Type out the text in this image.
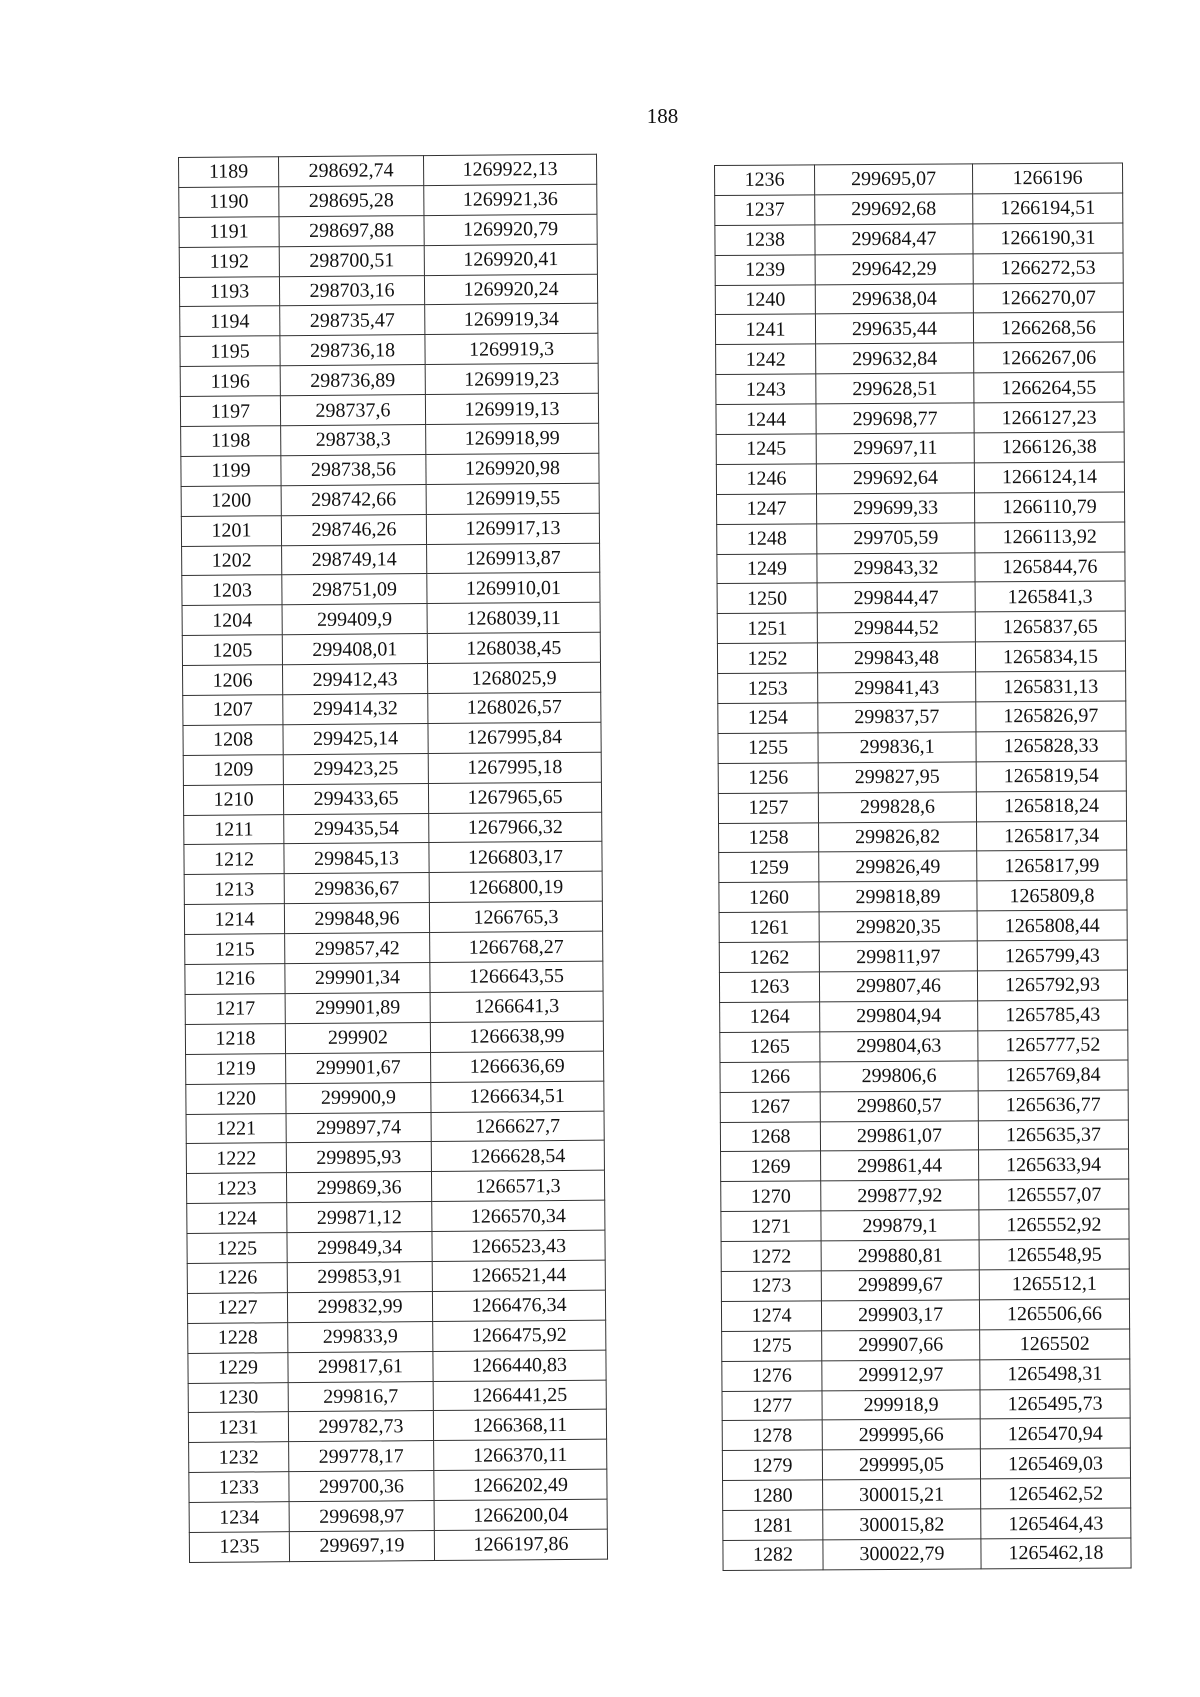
188
1189	298692,74	1269922,13
1190	298695,28	1269921,36
1191	298697,88	1269920,79
1192	298700,51	1269920,41
1193	298703,16	1269920,24
1194	298735,47	1269919,34
1195	298736,18	1269919,3
1196	298736,89	1269919,23
1197	298737,6	1269919,13
1198	298738,3	1269918,99
1199	298738,56	1269920,98
1200	298742,66	1269919,55
1201	298746,26	1269917,13
1202	298749,14	1269913,87
1203	298751,09	1269910,01
1204	299409,9	1268039,11
1205	299408,01	1268038,45
1206	299412,43	1268025,9
1207	299414,32	1268026,57
1208	299425,14	1267995,84
1209	299423,25	1267995,18
1210	299433,65	1267965,65
1211	299435,54	1267966,32
1212	299845,13	1266803,17
1213	299836,67	1266800,19
1214	299848,96	1266765,3
1215	299857,42	1266768,27
1216	299901,34	1266643,55
1217	299901,89	1266641,3
1218	299902	1266638,99
1219	299901,67	1266636,69
1220	299900,9	1266634,51
1221	299897,74	1266627,7
1222	299895,93	1266628,54
1223	299869,36	1266571,3
1224	299871,12	1266570,34
1225	299849,34	1266523,43
1226	299853,91	1266521,44
1227	299832,99	1266476,34
1228	299833,9	1266475,92
1229	299817,61	1266440,83
1230	299816,7	1266441,25
1231	299782,73	1266368,11
1232	299778,17	1266370,11
1233	299700,36	1266202,49
1234	299698,97	1266200,04
1235	299697,19	1266197,86
1236	299695,07	1266196
1237	299692,68	1266194,51
1238	299684,47	1266190,31
1239	299642,29	1266272,53
1240	299638,04	1266270,07
1241	299635,44	1266268,56
1242	299632,84	1266267,06
1243	299628,51	1266264,55
1244	299698,77	1266127,23
1245	299697,11	1266126,38
1246	299692,64	1266124,14
1247	299699,33	1266110,79
1248	299705,59	1266113,92
1249	299843,32	1265844,76
1250	299844,47	1265841,3
1251	299844,52	1265837,65
1252	299843,48	1265834,15
1253	299841,43	1265831,13
1254	299837,57	1265826,97
1255	299836,1	1265828,33
1256	299827,95	1265819,54
1257	299828,6	1265818,24
1258	299826,82	1265817,34
1259	299826,49	1265817,99
1260	299818,89	1265809,8
1261	299820,35	1265808,44
1262	299811,97	1265799,43
1263	299807,46	1265792,93
1264	299804,94	1265785,43
1265	299804,63	1265777,52
1266	299806,6	1265769,84
1267	299860,57	1265636,77
1268	299861,07	1265635,37
1269	299861,44	1265633,94
1270	299877,92	1265557,07
1271	299879,1	1265552,92
1272	299880,81	1265548,95
1273	299899,67	1265512,1
1274	299903,17	1265506,66
1275	299907,66	1265502
1276	299912,97	1265498,31
1277	299918,9	1265495,73
1278	299995,66	1265470,94
1279	299995,05	1265469,03
1280	300015,21	1265462,52
1281	300015,82	1265464,43
1282	300022,79	1265462,18
